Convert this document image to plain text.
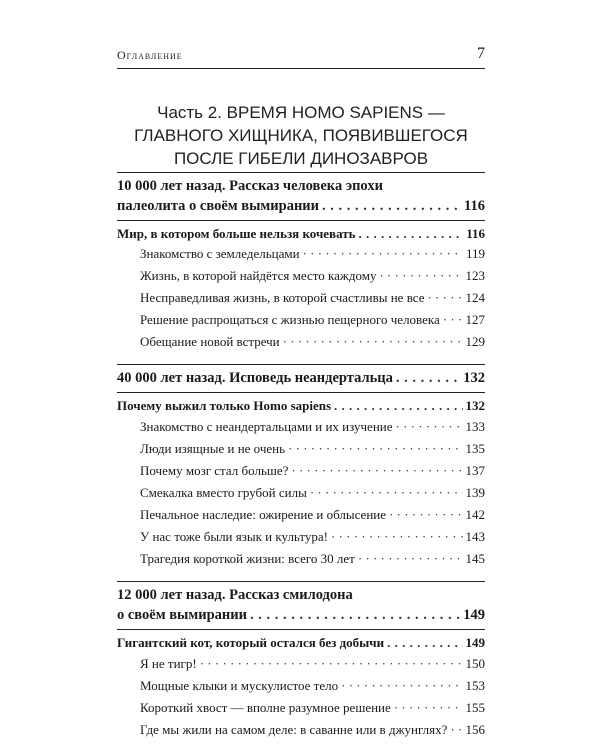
Оглавление	7
Часть 2. ВРЕМЯ HOMO SAPIENS —
ГЛАВНОГО ХИЩНИКА, ПОЯВИВШЕГОСЯ
ПОСЛЕ ГИБЕЛИ ДИНОЗАВРОВ
10 000 лет назад. Рассказ человека эпохи
палеолита о своём вымирании . . .	116
Мир, в котором больше нельзя кочевать . . .	116
Знакомство с земледельцами · · ·	119
Жизнь, в которой найдётся место каждому · · ·	123
Несправедливая жизнь, в которой счастливы не все · · ·	124
Решение распрощаться с жизнью пещерного человека · · · 127
Обещание новой встречи · · ·	129
40 000 лет назад. Исповедь неандертальца . . .	132
Почему выжил только Homo sapiens . . .	132
Знакомство с неандертальцами и их изучение · · ·	133
Люди изящные и не очень · · ·	135
Почему мозг стал больше? · · ·	137
Смекалка вместо грубой силы · · ·	139
Печальное наследие: ожирение и облысение · · ·	142
У нас тоже были язык и культура! · · ·	143
Трагедия короткой жизни: всего 30 лет · · ·	145
12 000 лет назад. Рассказ смилодона
о своём вымирании . . .	149
Гигантский кот, который остался без добычи . . .	149
Я не тигр! · · ·	150
Мощные клыки и мускулистое тело · · ·	153
Короткий хвост — вполне разумное решение · · ·	155
Где мы жили на самом деле: в саванне или в джунглях? · · · 156
